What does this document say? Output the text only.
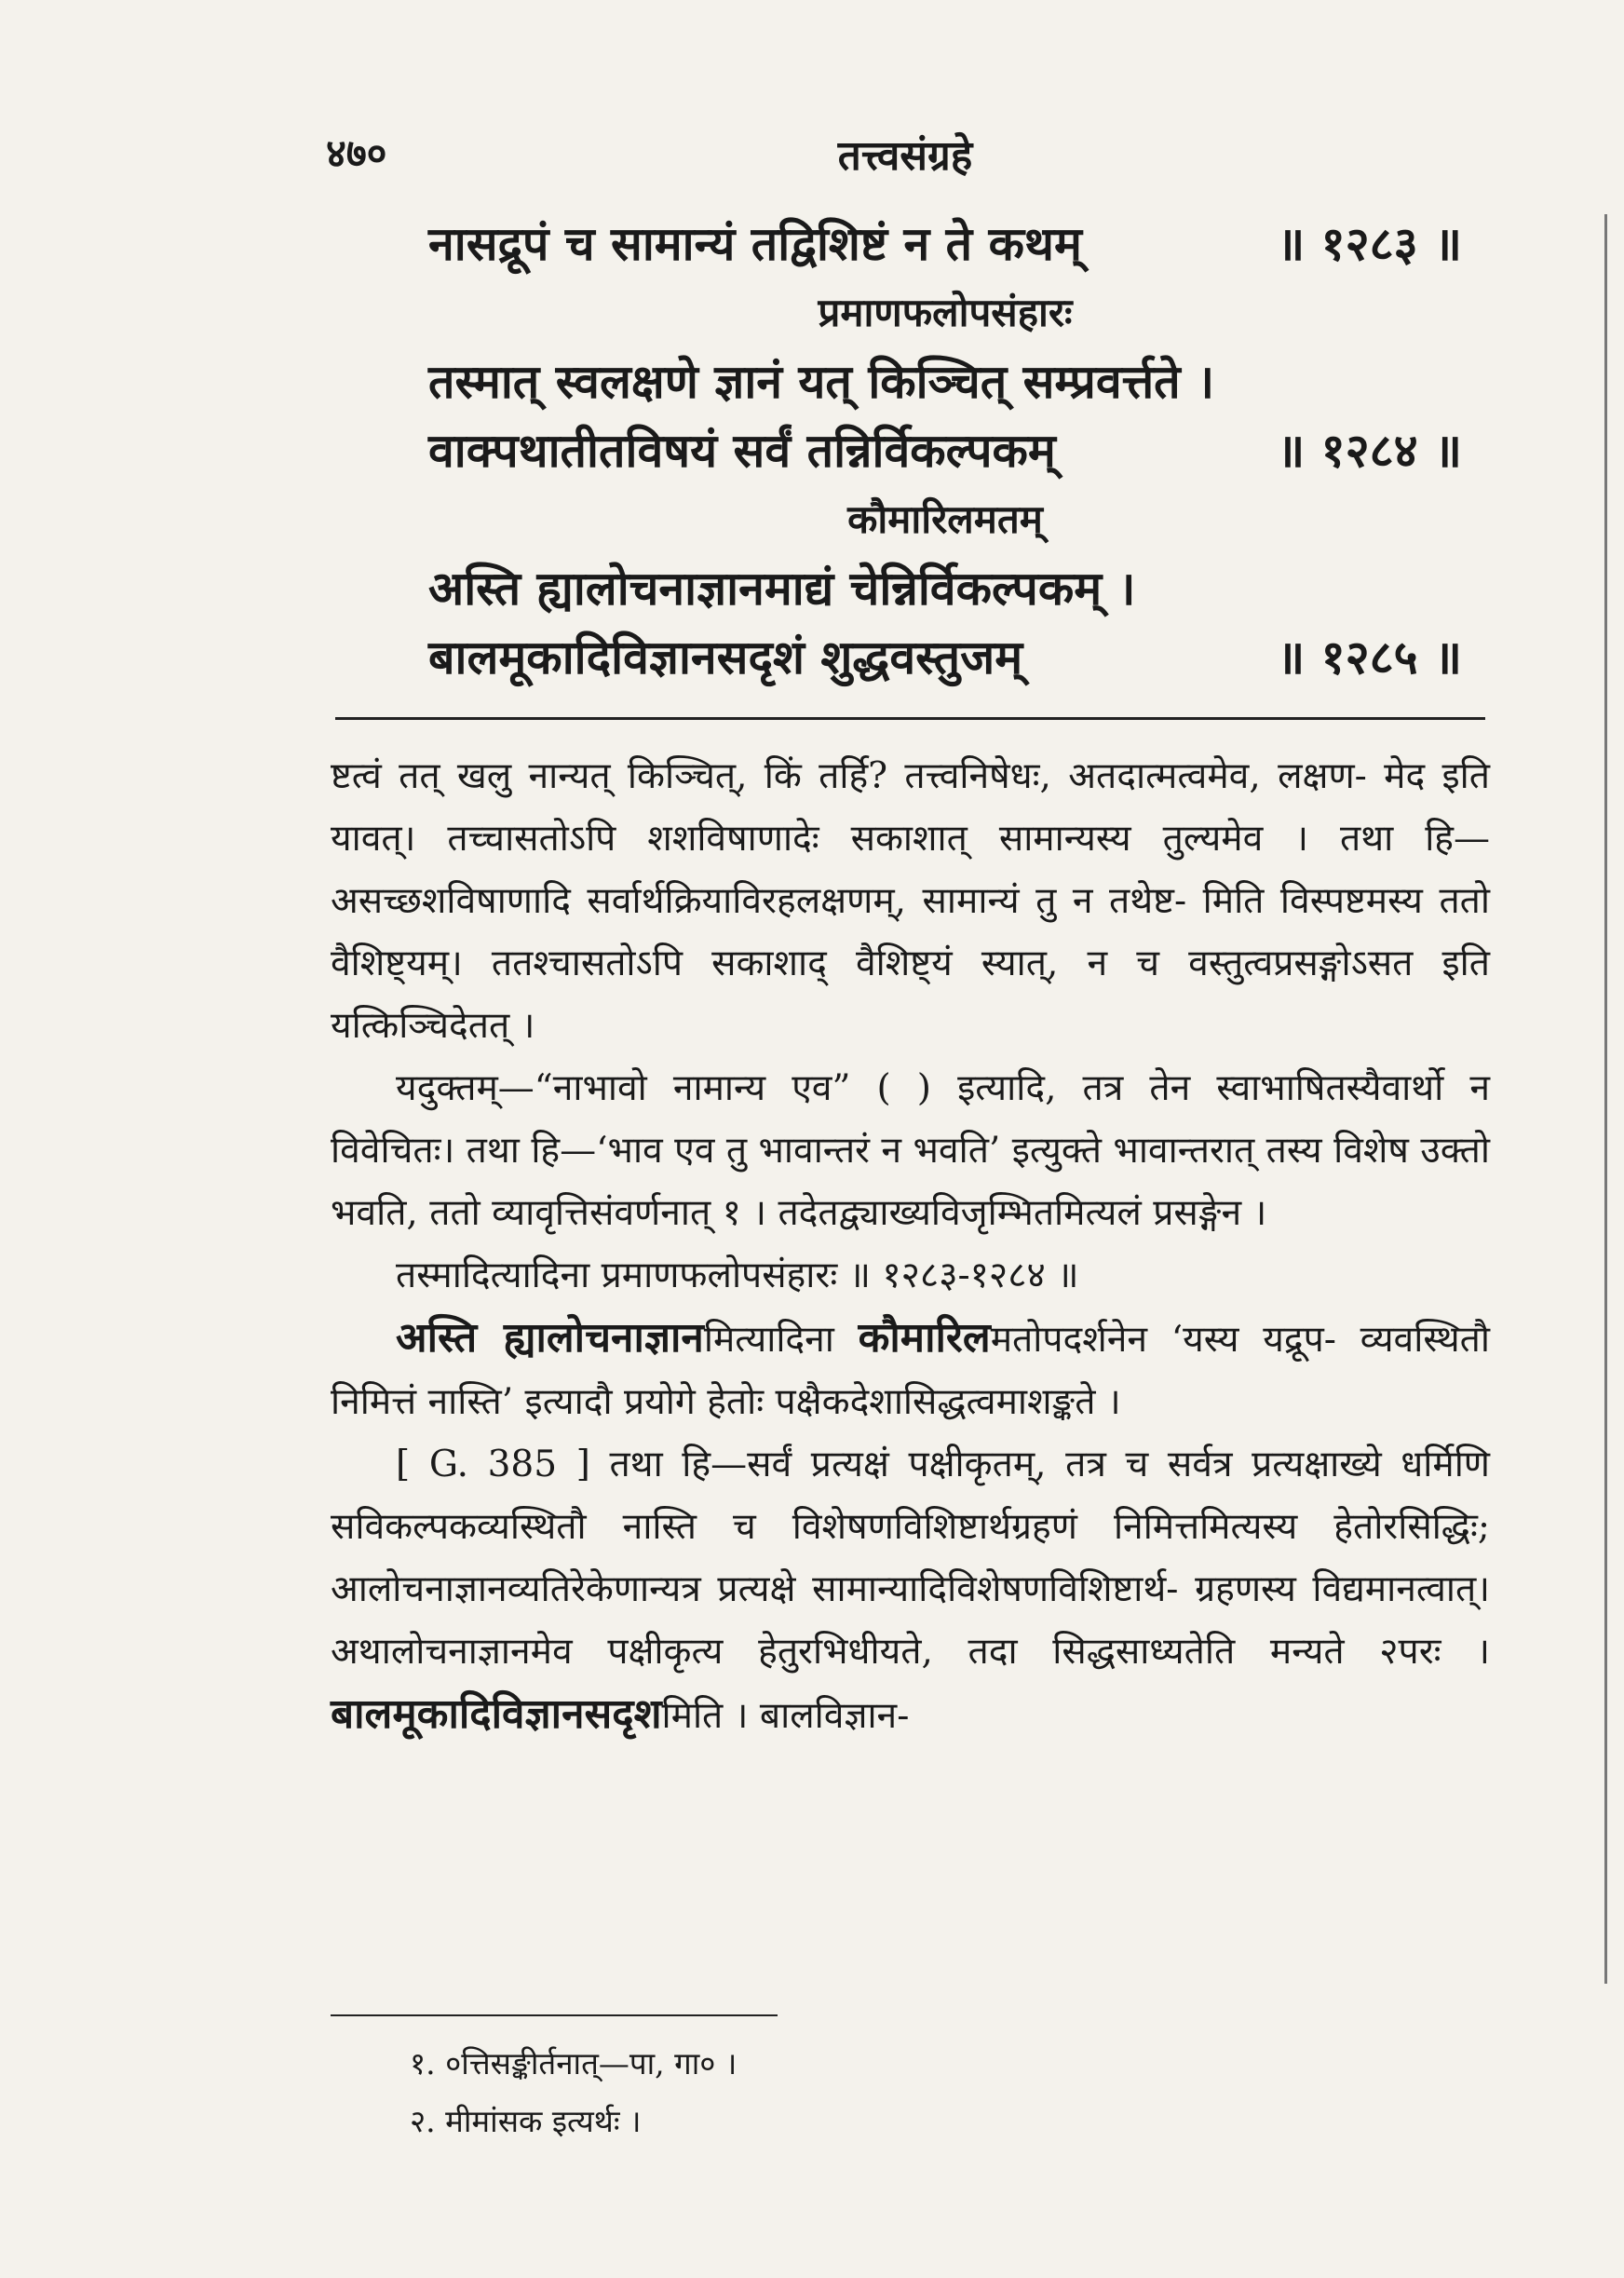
४७०	तत्त्वसंग्रहे
॥ १२८३ ॥
नासद्रूपं च सामान्यं तद्विशिष्टं न ते कथम्
प्रमाणफलोपसंहारः
तस्मात् स्वलक्षणे ज्ञानं यत् किञ्चित् सम्प्रवर्त्तते ।
॥ १२८४ ॥
वाक्पथातीतविषयं सर्वं तन्निर्विकल्पकम्
कौमारिलमतम्
अस्ति ह्यालोचनाज्ञानमाद्यं चेन्निर्विकल्पकम् ।
॥ १२८५ ॥
बालमूकादिविज्ञानसदृशं शुद्धवस्तुजम्

ष्टत्वं तत् खलु नान्यत् किञ्चित्, किं तर्हि? तत्त्वनिषेधः, अतदात्मत्वमेव, लक्षण- मेद इति यावत्। तच्चासतोऽपि शशविषाणादेः सकाशात् सामान्यस्य तुल्यमेव । तथा हि—असच्छशविषाणादि सर्वार्थक्रियाविरहलक्षणम्, सामान्यं तु न तथेष्ट- मिति विस्पष्टमस्य ततो वैशिष्ट्यम्। ततश्चासतोऽपि सकाशाद् वैशिष्ट्यं स्यात्, न च वस्तुत्वप्रसङ्गोऽसत इति यत्किञ्चिदेतत् ।

यदुक्तम्—“नाभावो नामान्य एव” ( ) इत्यादि, तत्र तेन स्वाभाषितस्यैवार्थो न विवेचितः। तथा हि—‘भाव एव तु भावान्तरं न भवति’ इत्युक्ते भावान्तरात् तस्य विशेष उक्तो भवति, ततो व्यावृत्तिसंवर्णनात् १ । तदेतद्व्याख्यविजृम्भितमित्यलं प्रसङ्गेन ।

तस्मादित्यादिना प्रमाणफलोपसंहारः ॥ १२८३-१२८४ ॥

अस्ति ह्यालोचनाज्ञानमित्यादिना कौमारिलमतोपदर्शनेन ‘यस्य यद्रूप- व्यवस्थितौ निमित्तं नास्ति’ इत्यादौ प्रयोगे हेतोः पक्षैकदेशासिद्धत्वमाशङ्कते ।

[ G. 385 ] तथा हि—सर्वं प्रत्यक्षं पक्षीकृतम्, तत्र च सर्वत्र प्रत्यक्षाख्ये धर्मिणि सविकल्पकव्यस्थितौ नास्ति च विशेषणविशिष्टार्थग्रहणं निमित्तमित्यस्य हेतोरसिद्धिः; आलोचनाज्ञानव्यतिरेकेणान्यत्र प्रत्यक्षे सामान्यादिविशेषणविशिष्टार्थ- ग्रहणस्य विद्यमानत्वात्। अथालोचनाज्ञानमेव पक्षीकृत्य हेतुरभिधीयते, तदा सिद्धसाध्यतेति मन्यते २परः । बालमूकादिविज्ञानसदृशमिति । बालविज्ञान-

१. ०त्तिसङ्कीर्तनात्—पा, गा० ।
२. मीमांसक इत्यर्थः ।
